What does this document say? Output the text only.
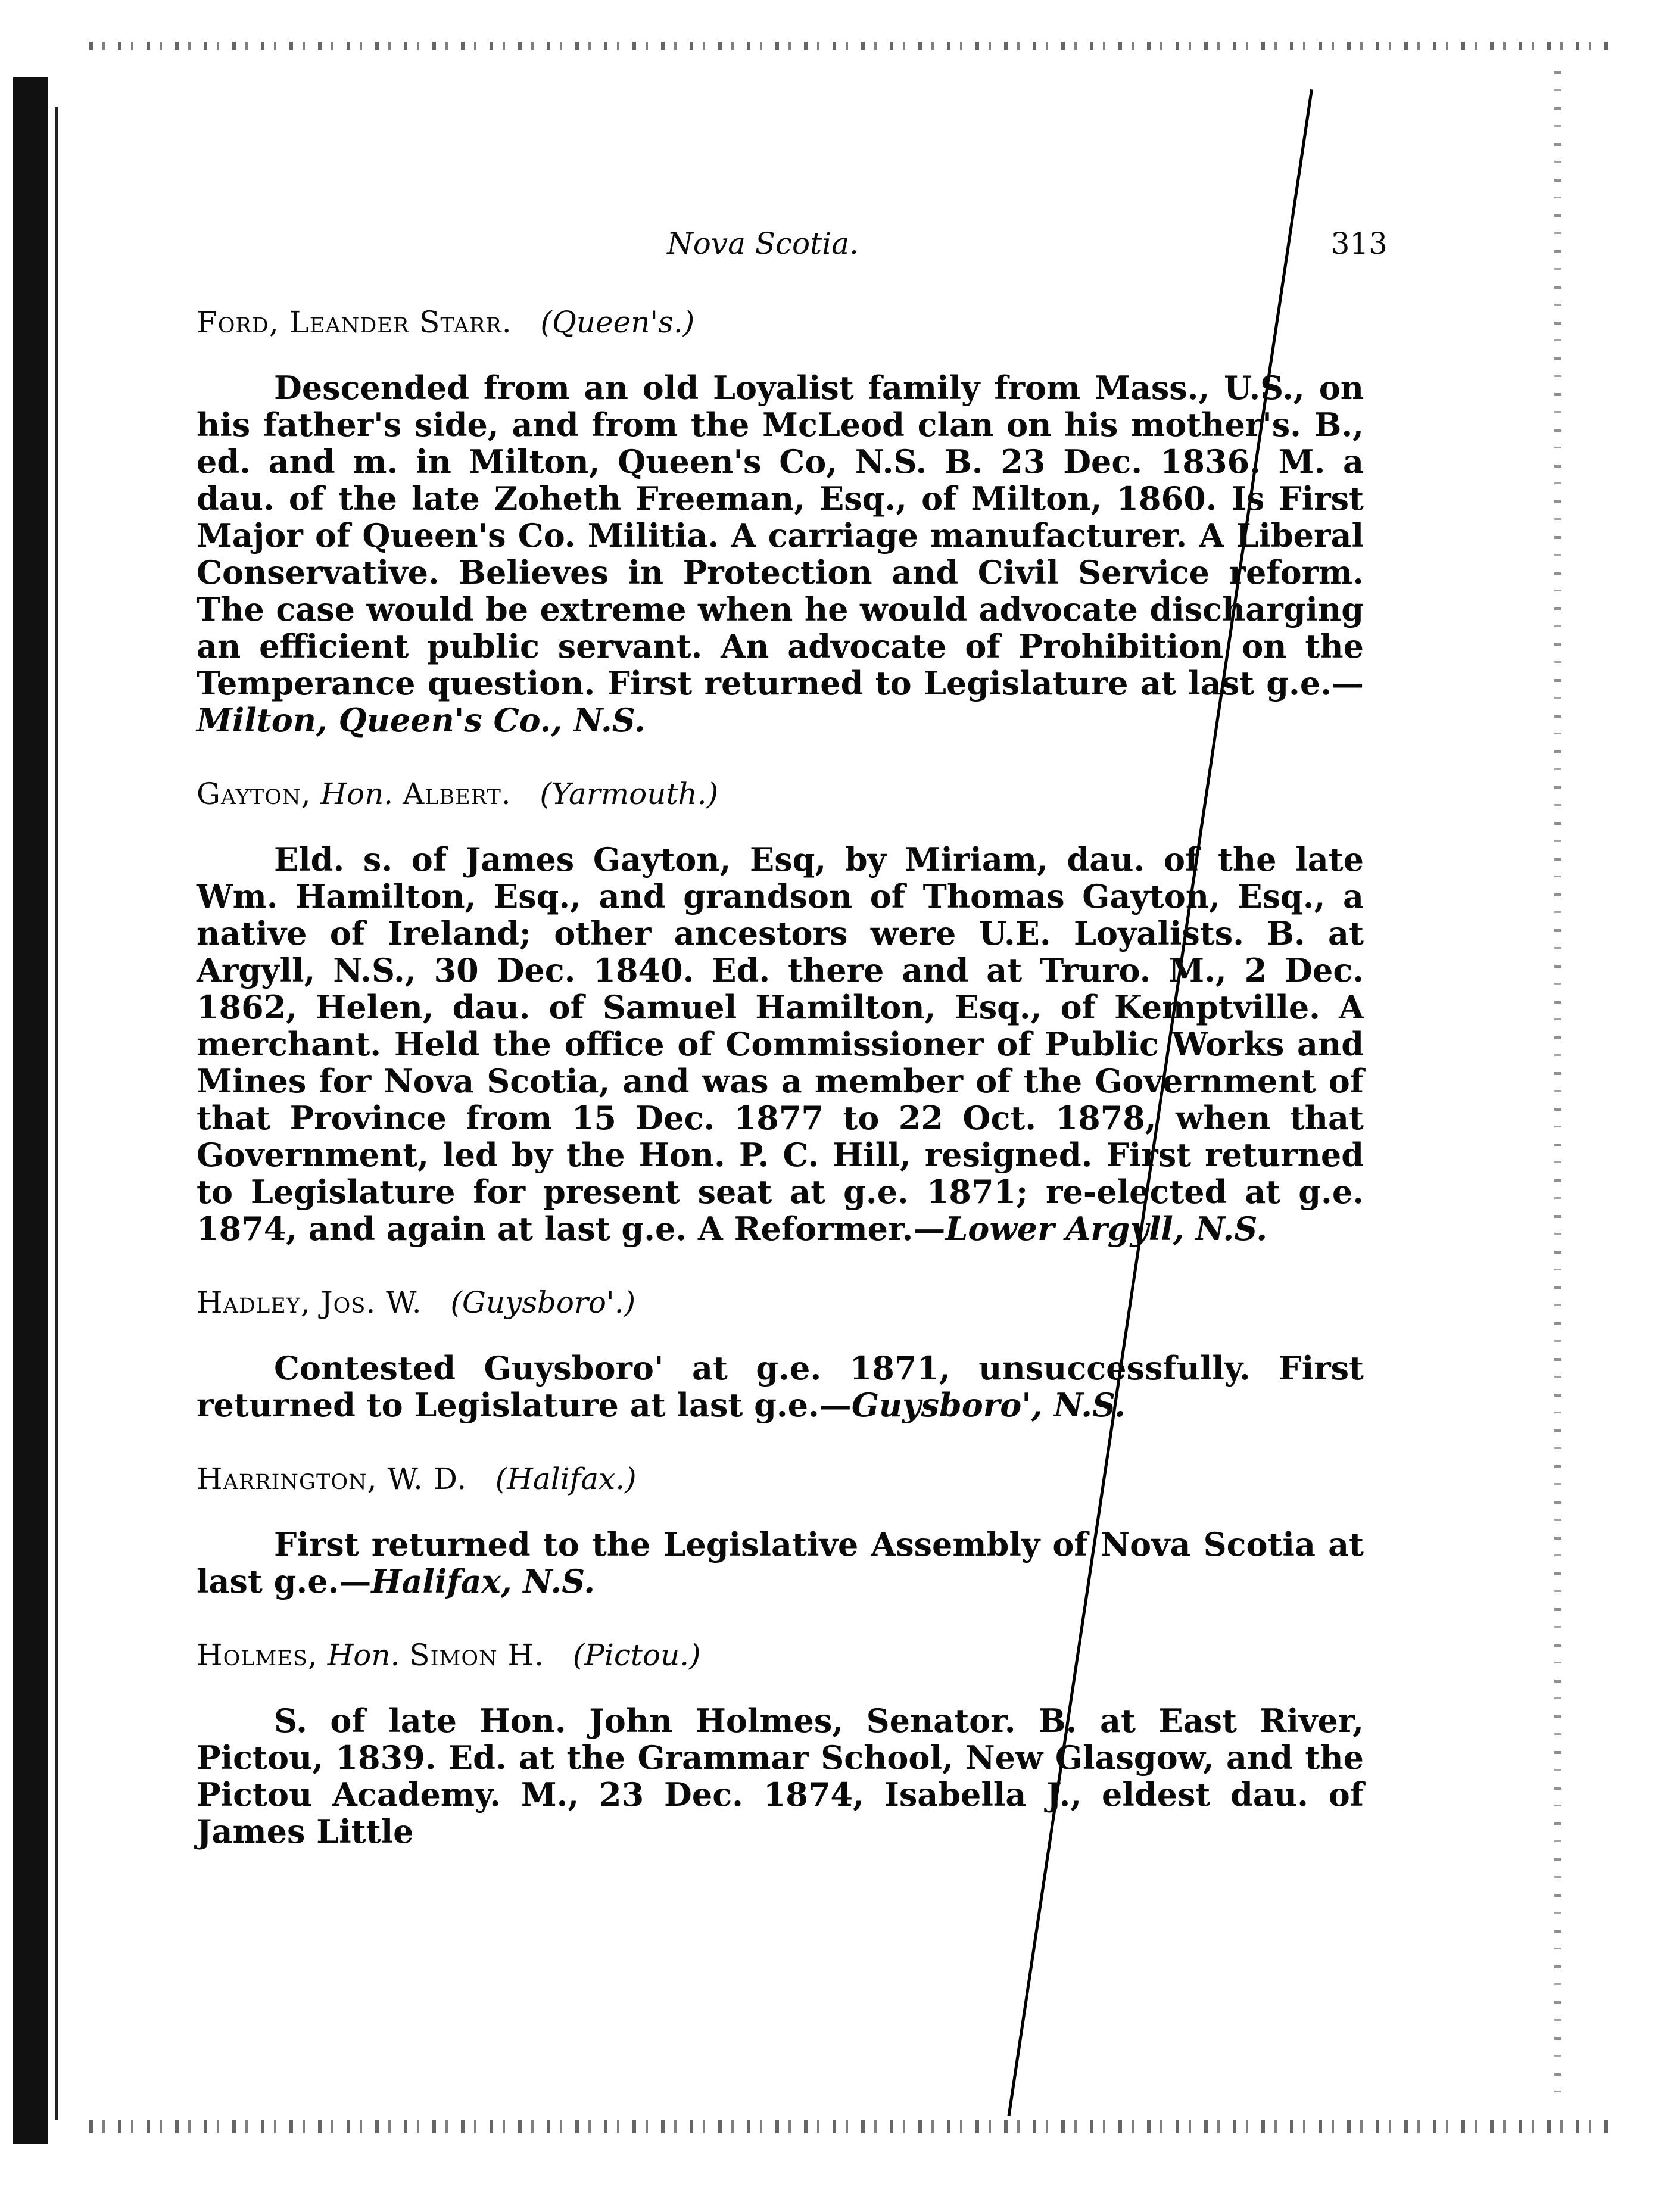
Nova Scotia.	313
Ford, Leander Starr. (Queen's.)
Descended from an old Loyalist family from Mass., U.S., on his father's side, and from the McLeod clan on his mother's. B., ed. and m. in Milton, Queen's Co, N.S. B. 23 Dec. 1836. M. a dau. of the late Zoheth Freeman, Esq., of Milton, 1860. Is First Major of Queen's Co. Militia. A carriage manufacturer. A Liberal Conservative. Believes in Protection and Civil Service reform. The case would be extreme when he would advocate discharging an efficient public servant. An advocate of Prohibition on the Temperance question. First returned to Legislature at last g.e.—Milton, Queen's Co., N.S.
Gayton, Hon. Albert. (Yarmouth.)
Eld. s. of James Gayton, Esq, by Miriam, dau. of the late Wm. Hamilton, Esq., and grandson of Thomas Gayton, Esq., a native of Ireland; other ancestors were U.E. Loyalists. B. at Argyll, N.S., 30 Dec. 1840. Ed. there and at Truro. M., 2 Dec. 1862, Helen, dau. of Samuel Hamilton, Esq., of Kemptville. A merchant. Held the office of Commissioner of Public Works and Mines for Nova Scotia, and was a member of the Government of that Province from 15 Dec. 1877 to 22 Oct. 1878, when that Government, led by the Hon. P. C. Hill, resigned. First returned to Legislature for present seat at g.e. 1871; re-elected at g.e. 1874, and again at last g.e. A Reformer.—Lower Argyll, N.S.
Hadley, Jos. W. (Guysboro'.)
Contested Guysboro' at g.e. 1871, unsuccessfully. First returned to Legislature at last g.e.—Guysboro', N.S.
Harrington, W. D. (Halifax.)
First returned to the Legislative Assembly of Nova Scotia at last g.e.—Halifax, N.S.
Holmes, Hon. Simon H. (Pictou.)
S. of late Hon. John Holmes, Senator. B. at East River, Pictou, 1839. Ed. at the Grammar School, New Glasgow, and the Pictou Academy. M., 23 Dec. 1874, Isabella J., eldest dau. of James Little
